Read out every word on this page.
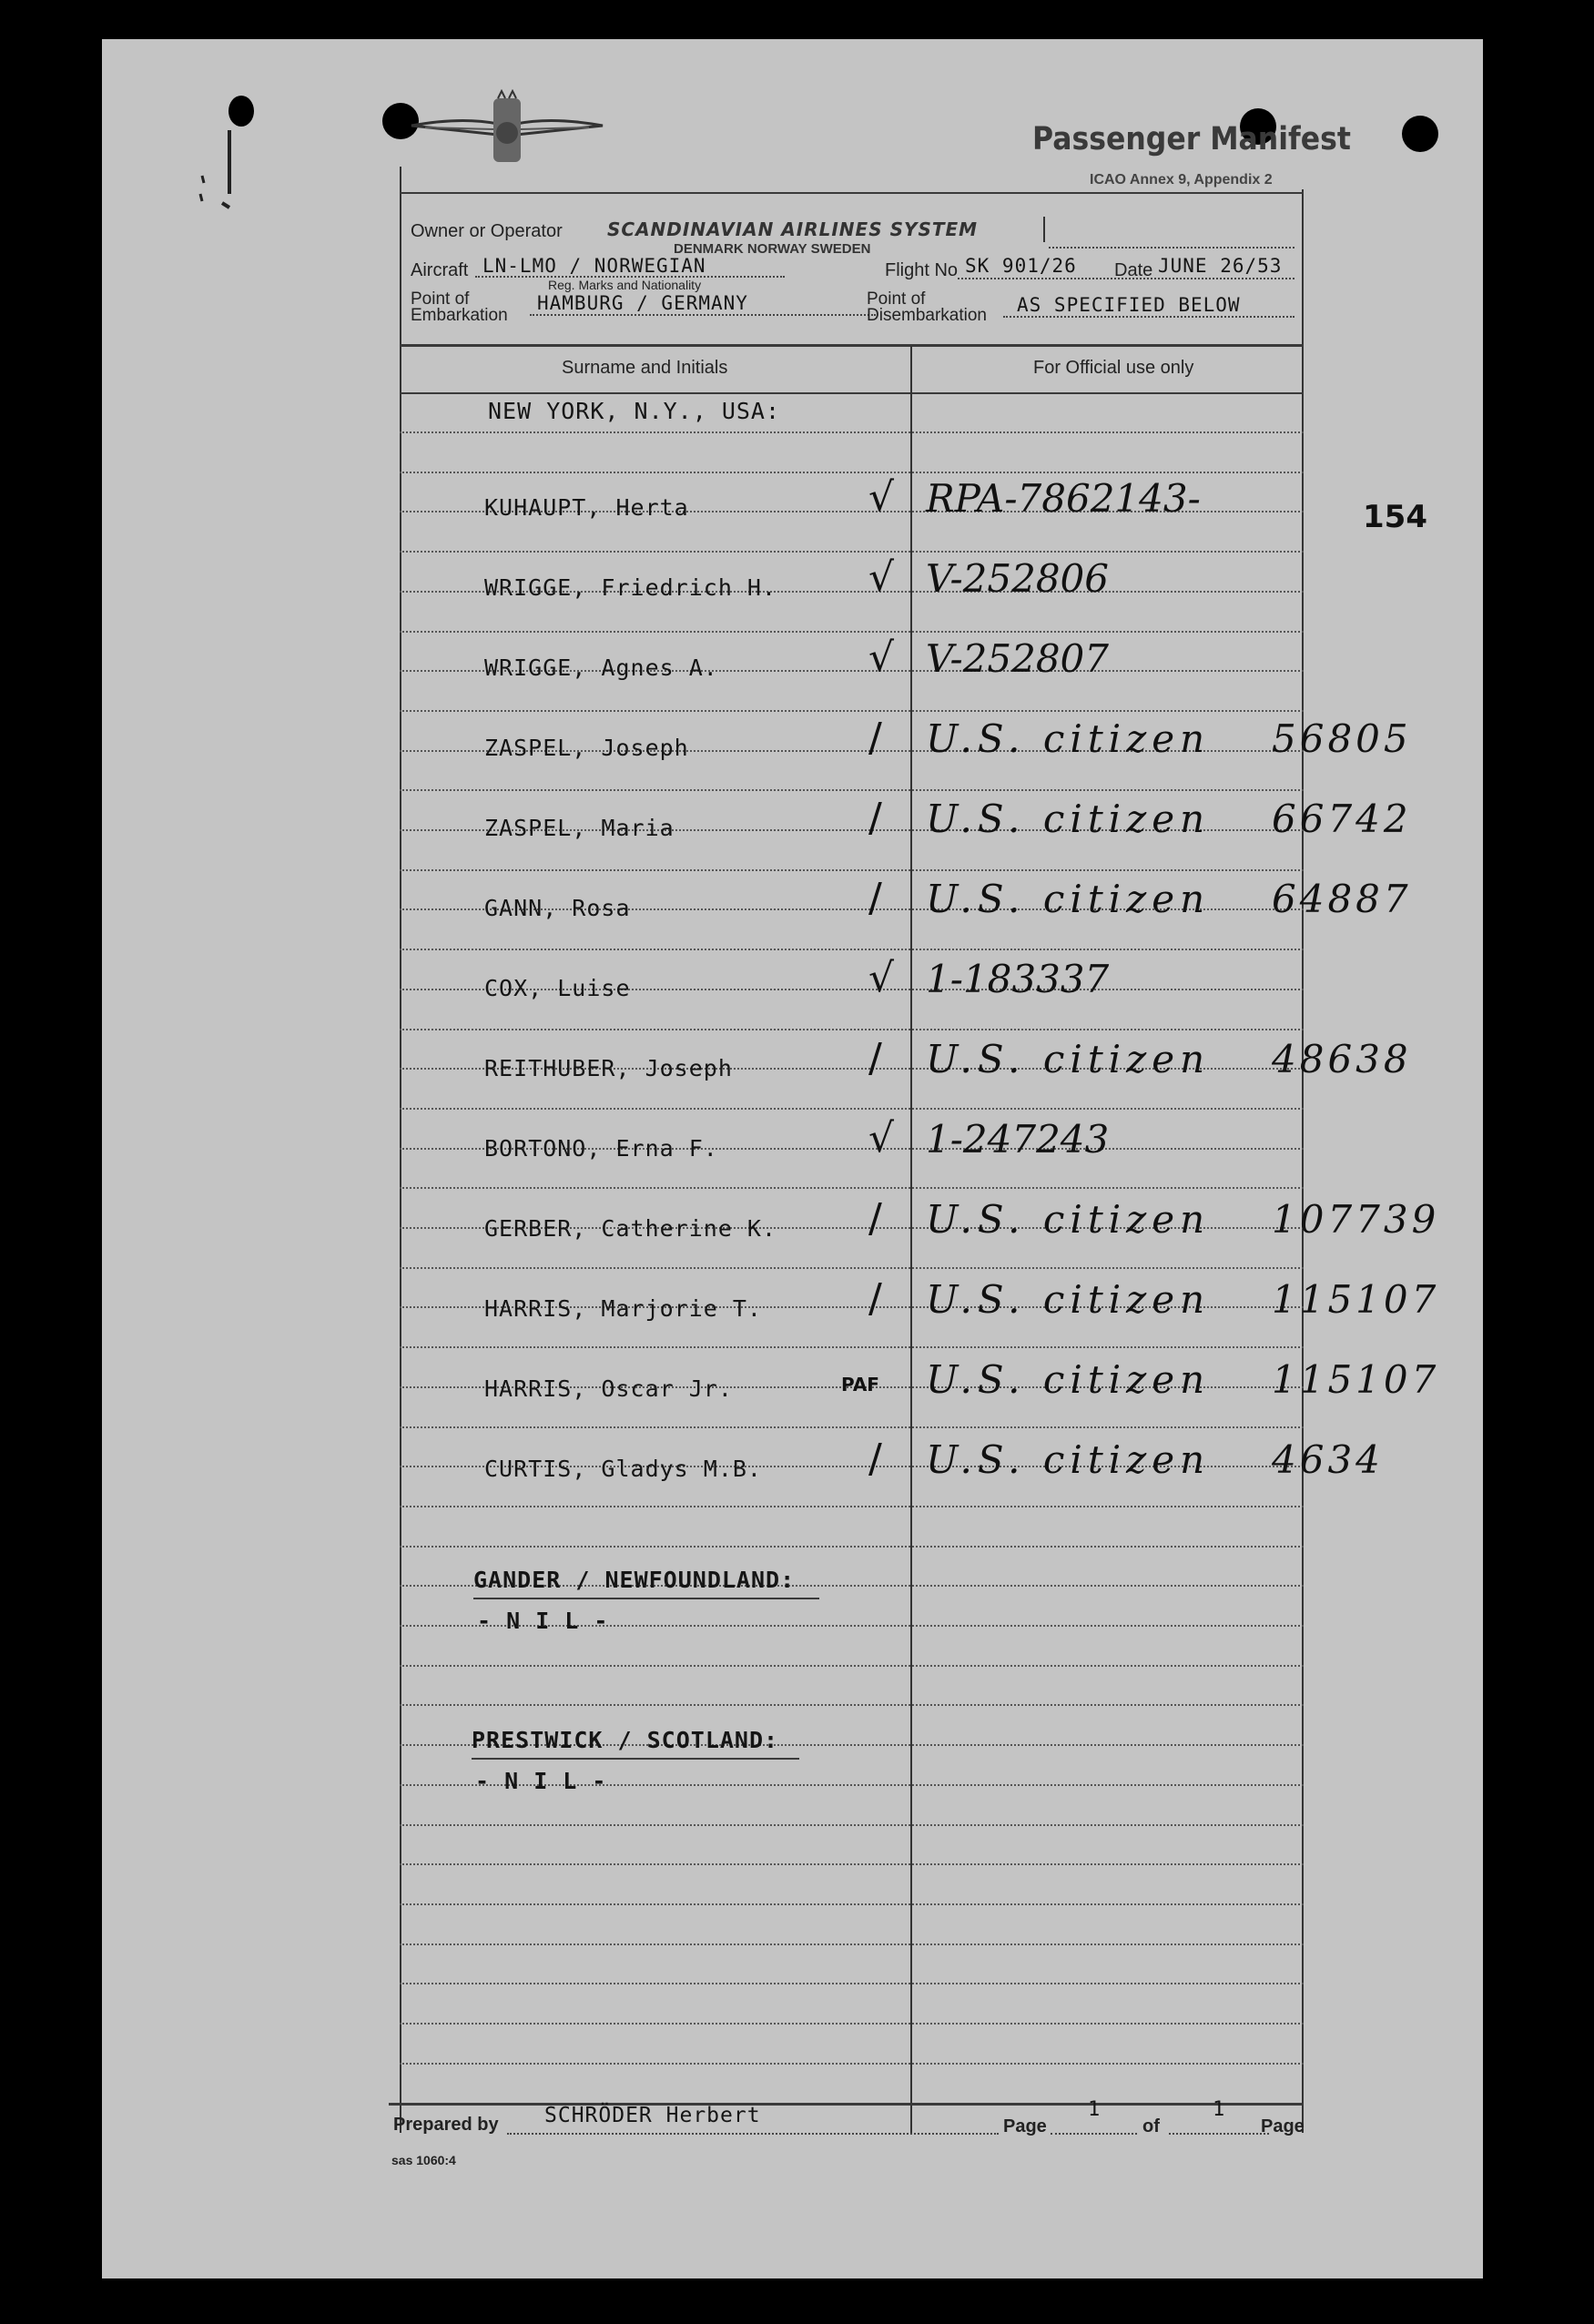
Passenger Manifest
ICAO Annex 9, Appendix 2
Owner or Operator SCANDINAVIAN AIRLINES SYSTEM
DENMARK NORWAY SWEDEN
Aircraft LN-LMO / NORWEGIAN
Reg. Marks and Nationality
Flight No SK 901/26 Date JUNE 26/53
Point of
Embarkation
HAMBURG / GERMANY	Point of
Disembarkation AS SPECIFIED BELOW
Surname and Initials	For Official use only
NEW YORK, N.Y., USA:
KUHAUPT, Herta	√ RPA-7862143-
WRIGGE, Friedrich H. √ V-252806
WRIGGE, Agnes A.	√ V-252807
ZASPEL, Joseph	/ U.S. citizen 56805
ZASPEL, Maria	/ U.S. citizen 66742
GANN, Rosa	/ U.S. citizen 64887
COX, Luise	√ 1-183337
REITHUBER, Joseph	/ U.S. citizen 48638
BORTONO, Erna F.	√ 1-247243
GERBER, Catherine K. / U.S. citizen 107739
HARRIS, Marjorie T.	/ U.S. citizen 115107
HARRIS, Oscar Jr.	PAF U.S. citizen 115107
CURTIS, Gladys M.B.	/ U.S. citizen 4634
154
GANDER / NEWFOUNDLAND:
- N I L -
PRESTWICK / SCOTLAND:
- N I L -
Prepared by SCHRÖDER Herbert	Page
1
of
1
Page
sas 1060:4
